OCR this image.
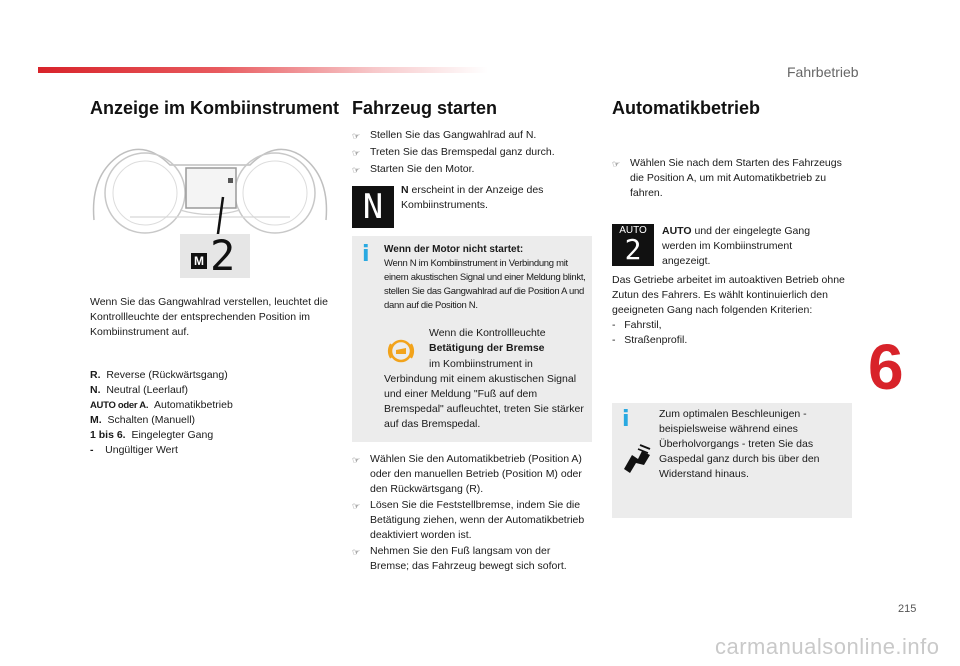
Fahrbetrieb
215
6
Anzeige im Kombiinstrument
M 2
Wenn Sie das Gangwahlrad verstellen, leuchtet die Kontrollleuchte der entsprechenden Position im Kombiinstrument auf.
R. Reverse (Rückwärtsgang)
N. Neutral (Leerlauf)
AUTO oder A. Automatikbetrieb
M. Schalten (Manuell)
1 bis 6. Eingelegter Gang
- Ungültiger Wert
Fahrzeug starten
☞ Stellen Sie das Gangwahlrad auf N.
☞ Treten Sie das Bremspedal ganz durch.
☞ Starten Sie den Motor.
N	N erscheint in der Anzeige des Kombiinstruments.
i Wenn der Motor nicht startet:
Wenn N im Kombiinstrument in Verbindung mit einem akustischen Signal und einer Meldung blinkt, stellen Sie das Gangwahlrad auf die Position A und dann auf die Position N.
Wenn die Kontrollleuchte
Betätigung der Bremse
im Kombiinstrument in Verbindung mit einem akustischen Signal und einer Meldung "Fuß auf dem Bremspedal" aufleuchtet, treten Sie stärker auf das Bremspedal.
☞ Wählen Sie den Automatikbetrieb (Position A) oder den manuellen Betrieb (Position M) oder den Rückwärtsgang (R).
☞ Lösen Sie die Feststellbremse, indem Sie die Betätigung ziehen, wenn der Automatikbetrieb deaktiviert worden ist.
☞ Nehmen Sie den Fuß langsam von der Bremse; das Fahrzeug bewegt sich sofort.
Automatikbetrieb
☞ Wählen Sie nach dem Starten des Fahrzeugs die Position A, um mit Automatikbetrieb zu fahren.
AUTO
2
AUTO und der eingelegte Gang werden im Kombiinstrument angezeigt.
Das Getriebe arbeitet im autoaktiven Betrieb ohne Zutun des Fahrers. Es wählt kontinuierlich den geeigneten Gang nach folgenden Kriterien:
-   Fahrstil,
-   Straßenprofil.
i	Zum optimalen Beschleunigen - beispielsweise während eines Überholvorgangs - treten Sie das Gaspedal ganz durch bis über den Widerstand hinaus.
carmanualsonline.info
